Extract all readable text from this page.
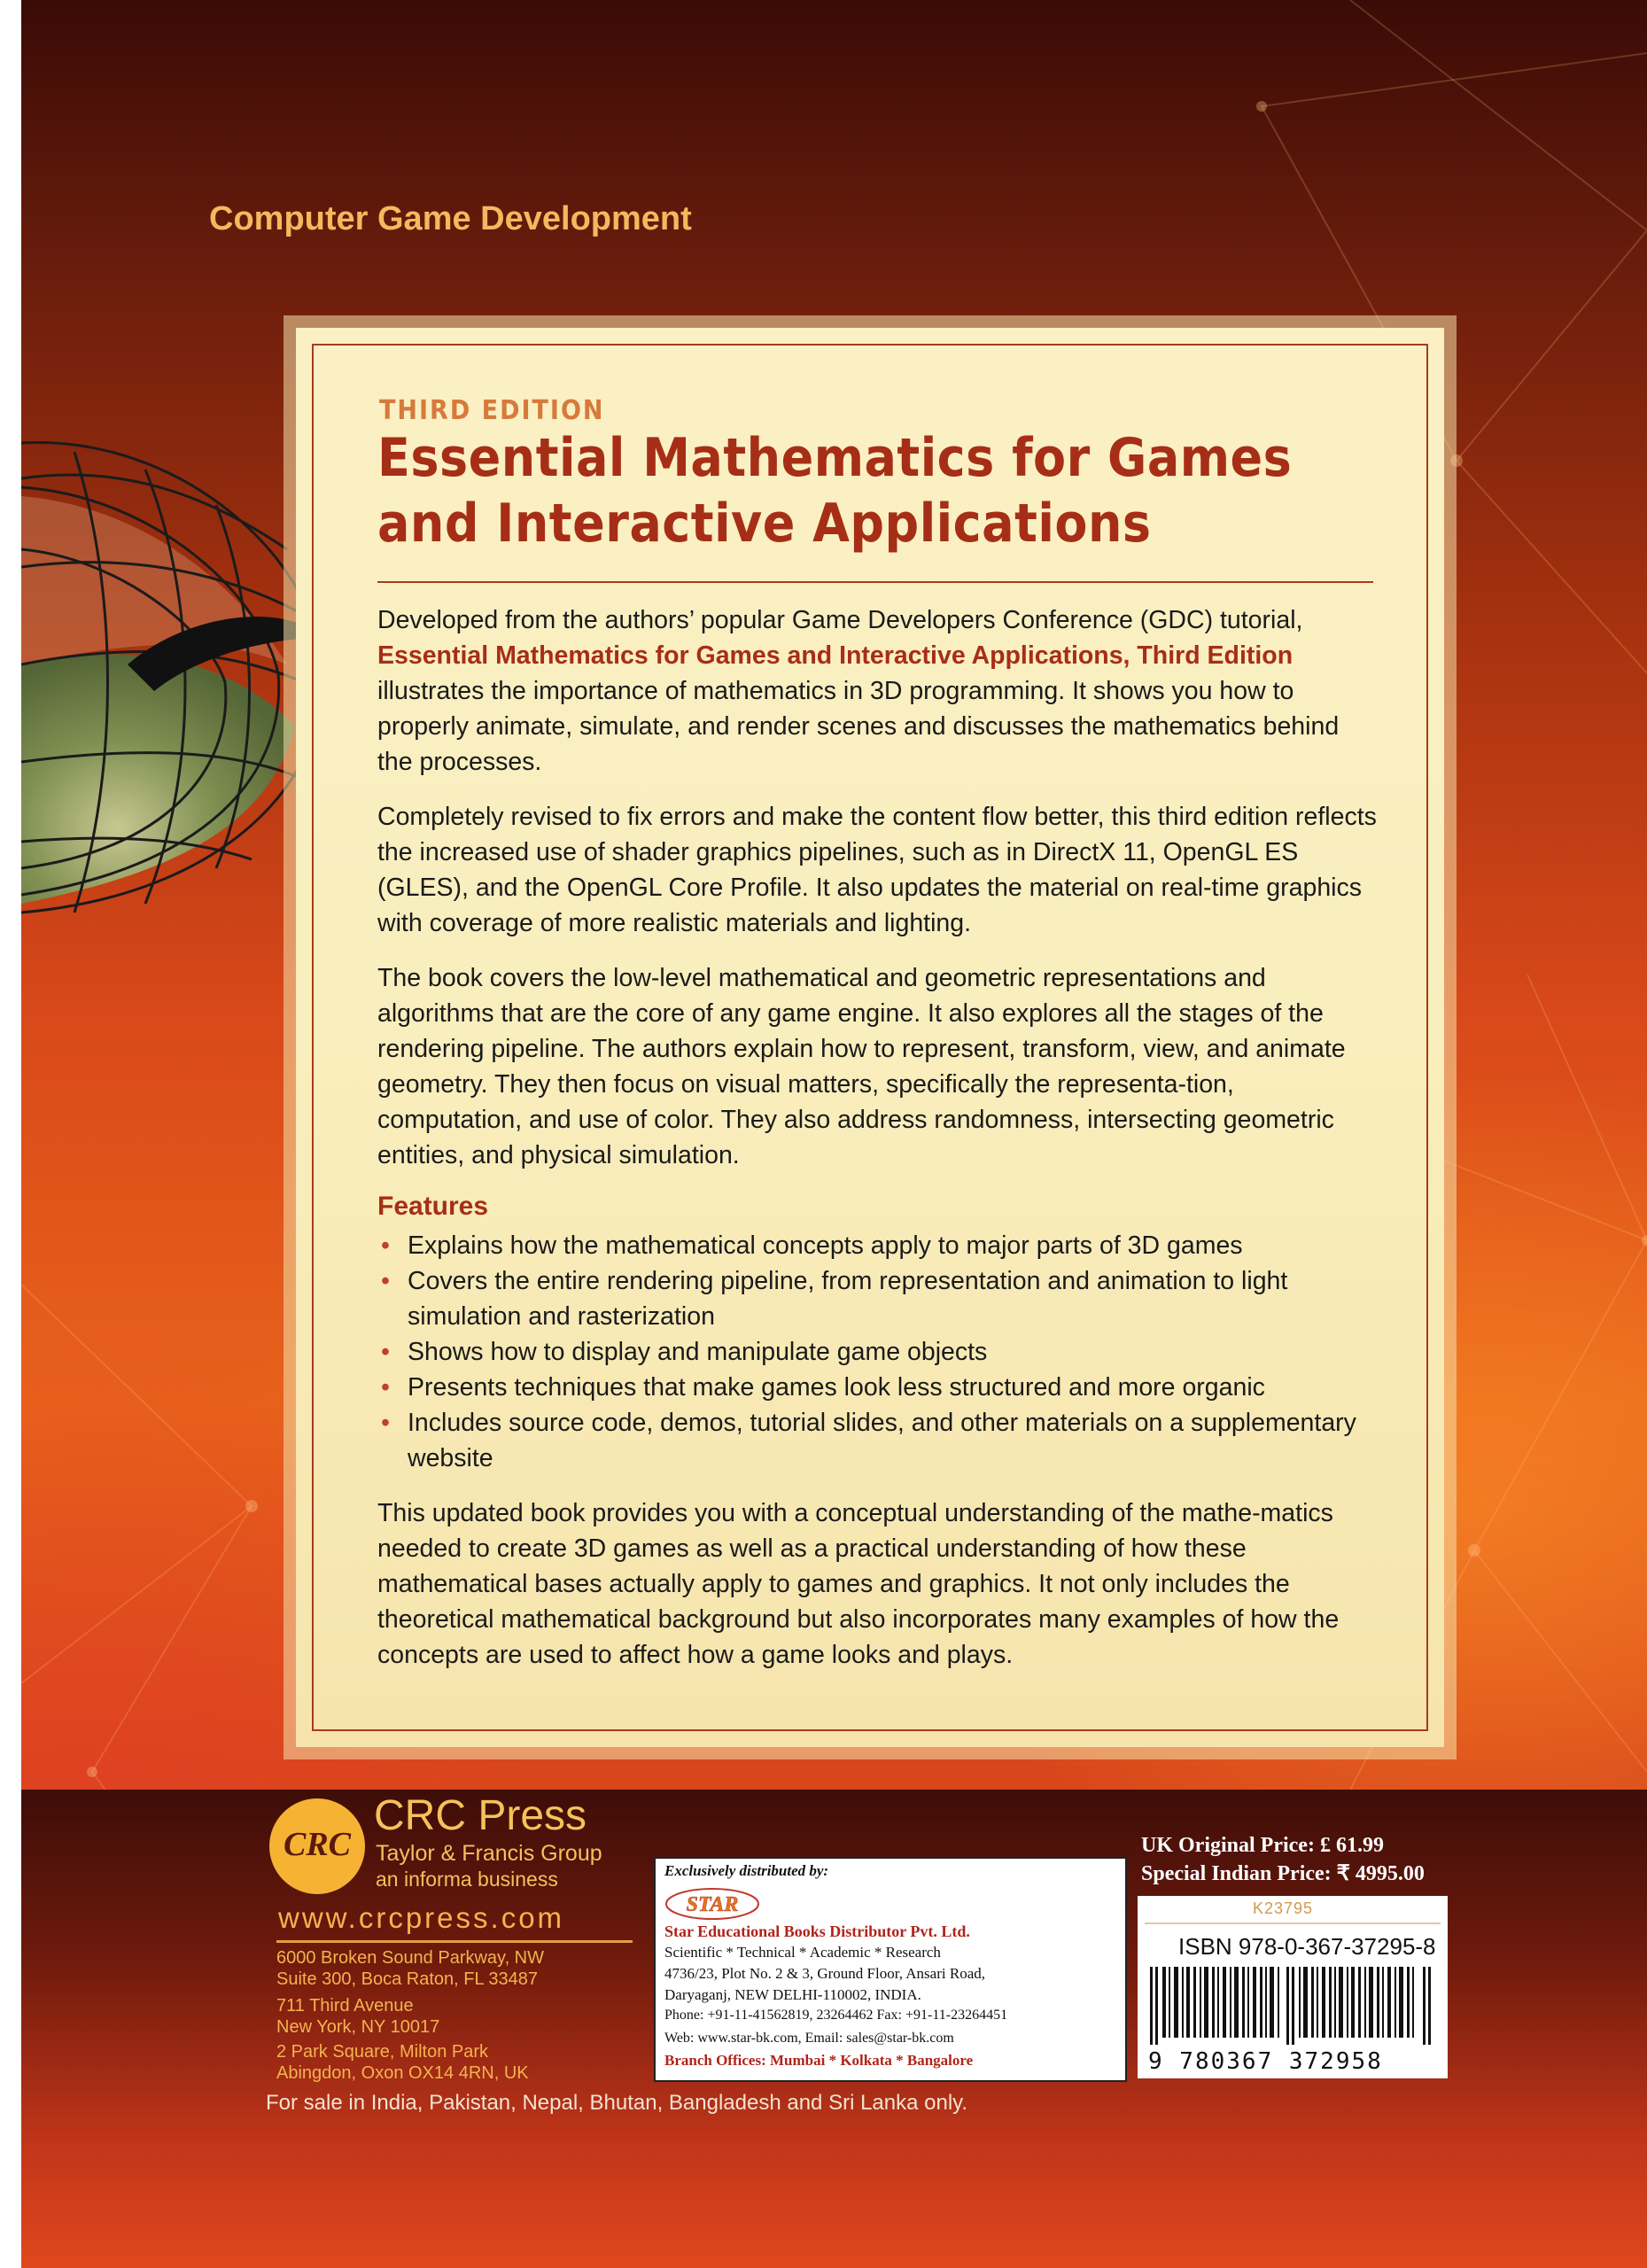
Computer Game Development
THIRD EDITION
Essential Mathematics for Games
and Interactive Applications

Developed from the authors’ popular Game Developers Conference (GDC) tutorial, Essential Mathematics for Games and Interactive Applications, Third Edition illustrates the importance of mathematics in 3D programming. It shows you how to properly animate, simulate, and render scenes and discusses the mathematics behind the processes.

Completely revised to fix errors and make the content flow better, this third edition reflects the increased use of shader graphics pipelines, such as in DirectX 11, OpenGL ES (GLES), and the OpenGL Core Profile. It also updates the material on real-time graphics with coverage of more realistic materials and lighting.

The book covers the low-level mathematical and geometric representations and algorithms that are the core of any game engine. It also explores all the stages of the rendering pipeline. The authors explain how to represent, transform, view, and animate geometry. They then focus on visual matters, specifically the representa-tion, computation, and use of color. They also address randomness, intersecting geometric entities, and physical simulation.

Features
• Explains how the mathematical concepts apply to major parts of 3D games
• Covers the entire rendering pipeline, from representation and animation to light simulation and rasterization
• Shows how to display and manipulate game objects
• Presents techniques that make games look less structured and more organic
• Includes source code, demos, tutorial slides, and other materials on a supplementary website

This updated book provides you with a conceptual understanding of the mathe-matics needed to create 3D games as well as a practical understanding of how these mathematical bases actually apply to games and graphics. It not only includes the theoretical mathematical background but also incorporates many examples of how the concepts are used to affect how a game looks and plays.

CRC
CRC Press
Taylor & Francis Group
an informa business
www.crcpress.com
6000 Broken Sound Parkway, NW
Suite 300, Boca Raton, FL 33487
711 Third Avenue
New York, NY 10017
2 Park Square, Milton Park
Abingdon, Oxon OX14 4RN, UK
For sale in India, Pakistan, Nepal, Bhutan, Bangladesh and Sri Lanka only.
Exclusively distributed by:
STAR
Star Educational Books Distributor Pvt. Ltd.
Scientific * Technical * Academic * Research
4736/23, Plot No. 2 & 3, Ground Floor, Ansari Road,
Daryaganj, NEW DELHI-110002, INDIA.
Phone: +91-11-41562819, 23264462 Fax: +91-11-23264451
Web: www.star-bk.com, Email: sales@star-bk.com
Branch Offices: Mumbai * Kolkata * Bangalore
UK Original Price: £ 61.99
Special Indian Price: ₹ 4995.00
K23795
ISBN 978-0-367-37295-8
9 780367 372958
